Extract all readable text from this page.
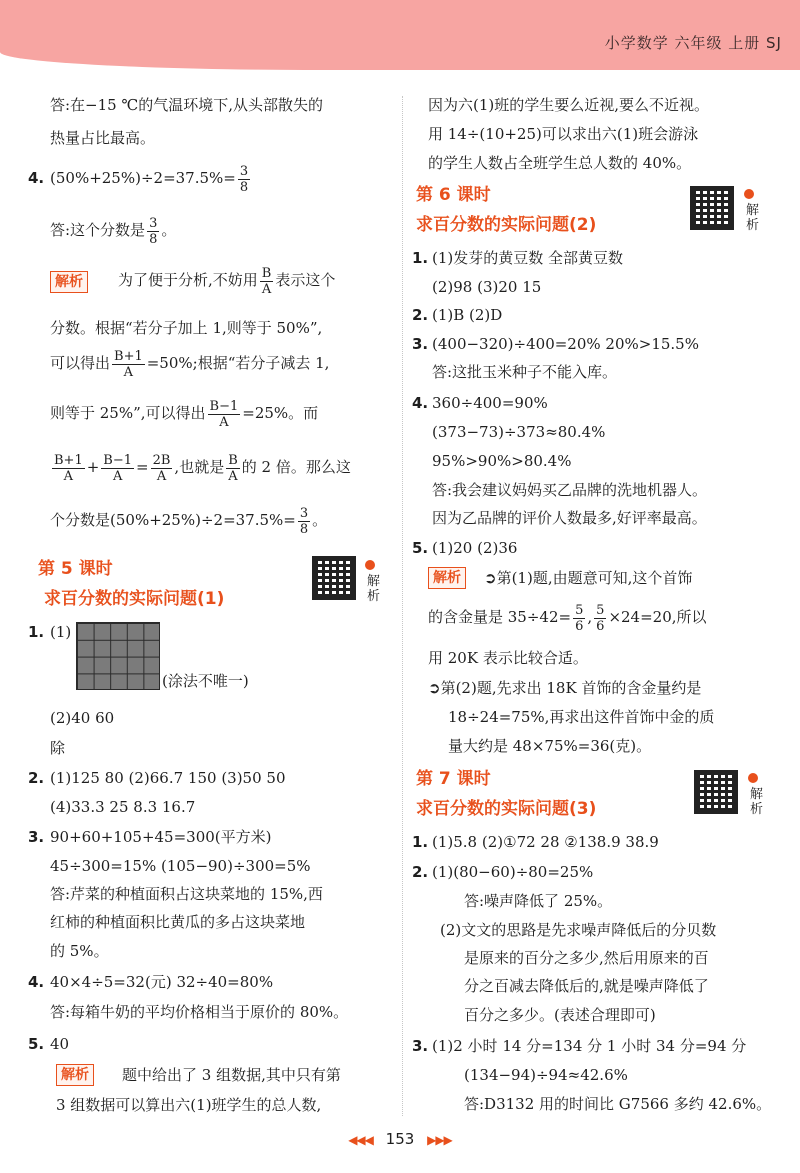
小学数学 六年级 上册 SJ
答:在−15 ℃的气温环境下,从头部散失的
热量占比最高。
4. $(50\%+25\%)\div 2=37.5\%= \frac{3}{8}$
答:这个分数是 $\frac{3}{8}$ 。
解析	为了便于分析,不妨用 $\frac{B}{A}$ 表示这个
分数。根据“若分子加上 1,则等于 50%”,
可以得出 $\frac{B+1}{A} =50\%$;根据“若分子减去 1,
则等于 25%”,可以得出 $\frac{B-1}{A} =25\%$。而
$\frac{B+1}{A} + \frac{B-1}{A} = \frac{2B}{A}$ ,也就是 $\frac{B}{A}$ 的 2 倍。那么这
个分数是$(50\%+25\%)\div 2=37.5\%= \frac{3}{8}$ 。
第 5 课时
求百分数的实际问题(1)
解析
1. (1)
(涂法不唯一)
(2)40 60
除
2. (1)125 80 (2)66.7 150 (3)50 50
(4)33.3 25 8.3 16.7
3. 90+60+105+45=300(平方米)
45÷300=15% (105−90)÷300=5%
答:芹菜的种植面积占这块菜地的 15%,西
红柿的种植面积比黄瓜的多占这块菜地
的 5%。
4. 40×4÷5=32(元) 32÷40=80%
答:每箱牛奶的平均价格相当于原价的 80%。
5. 40
解析	题中给出了 3 组数据,其中只有第
3 组数据可以算出六(1)班学生的总人数,
因为六(1)班的学生要么近视,要么不近视。
用 14÷(10+25)可以求出六(1)班会游泳
的学生人数占全班学生总人数的 40%。
第 6 课时
求百分数的实际问题(2)
解析
1. (1)发芽的黄豆数 全部黄豆数
(2)98 (3)20 15
2. (1)B (2)D
3. (400−320)÷400=20% 20%>15.5%
答:这批玉米种子不能入库。
4. 360÷400=90%
(373−73)÷373≈80.4%
95%>90%>80.4%
答:我会建议妈妈买乙品牌的洗地机器人。
因为乙品牌的评价人数最多,好评率最高。
5. (1)20 (2)36
解析	➲第(1)题,由题意可知,这个首饰
的含金量是 $35\div 42= \frac{5}{6}$ , $\frac{5}{6} \times 24=20$,所以
用 20K 表示比较合适。
➲第(2)题,先求出 18K 首饰的含金量约是
18÷24=75%,再求出这件首饰中金的质
量大约是 48×75%=36(克)。
第 7 课时
求百分数的实际问题(3)
解析
1. (1)5.8 (2)①72 28 ②138.9 38.9
2. (1)(80−60)÷80=25%
答:噪声降低了 25%。
(2)文文的思路是先求噪声降低后的分贝数
是原来的百分之多少,然后用原来的百
分之百减去降低后的,就是噪声降低了
百分之多少。(表述合理即可)
3. (1)2 小时 14 分=134 分 1 小时 34 分=94 分
(134−94)÷94≈42.6%
答:D3132 用的时间比 G7566 多约 42.6%。
◀◀◀ 153 ▶▶▶
